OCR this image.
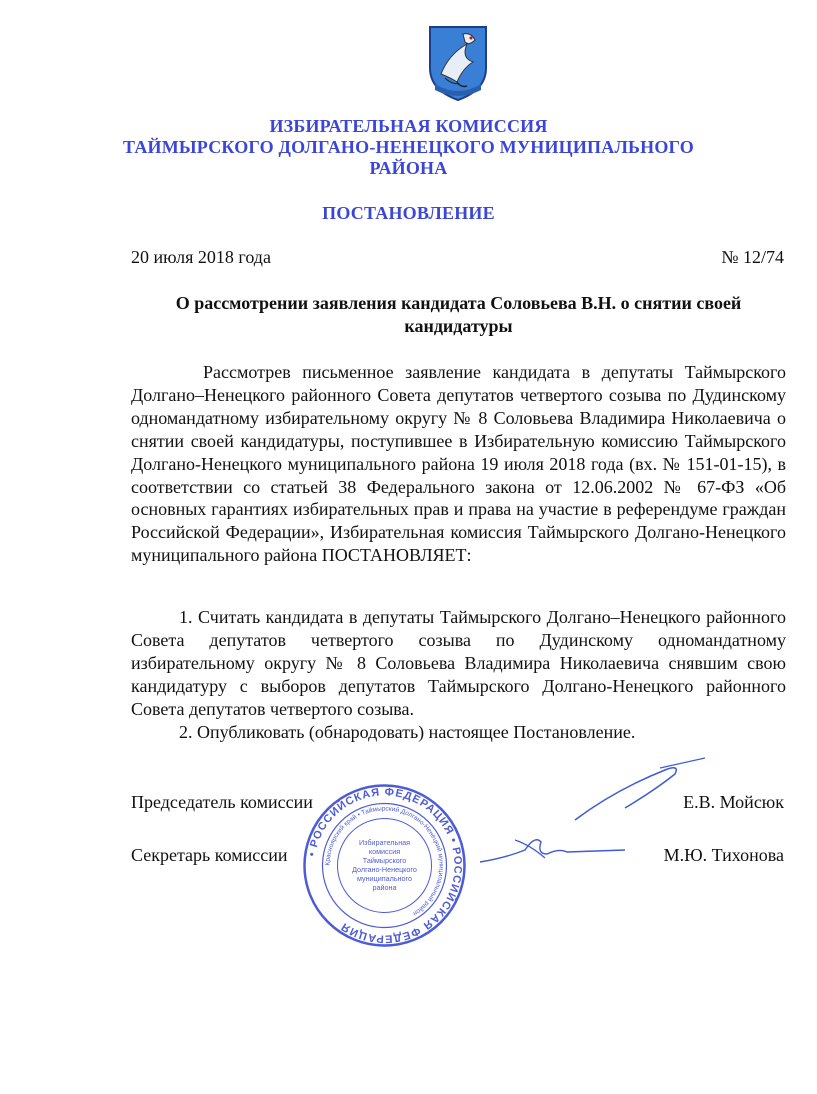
ИЗБИРАТЕЛЬНАЯ КОМИССИЯ
ТАЙМЫРСКОГО ДОЛГАНО-НЕНЕЦКОГО МУНИЦИПАЛЬНОГО
РАЙОНА
ПОСТАНОВЛЕНИЕ
20 июля 2018 года	№ 12/74
О рассмотрении заявления кандидата Соловьева В.Н. о снятии своей кандидатуры
Рассмотрев письменное заявление кандидата в депутаты Таймырского Долгано–Ненецкого районного Совета депутатов четвертого созыва по Дудинскому одномандатному избирательному округу № 8 Соловьева Владимира Николаевича о снятии своей кандидатуры, поступившее в Избирательную комиссию Таймырского Долгано-Ненецкого муниципального района 19 июля 2018 года (вх. № 151-01-15), в соответствии со статьей 38 Федерального закона от 12.06.2002 № 67-ФЗ «Об основных гарантиях избирательных прав и права на участие в референдуме граждан Российской Федерации», Избирательная комиссия Таймырского Долгано-Ненецкого муниципального района ПОСТАНОВЛЯЕТ:

1. Считать кандидата в депутаты Таймырского Долгано–Ненецкого районного Совета депутатов четвертого созыва по Дудинскому одномандатному избирательному округу № 8 Соловьева Владимира Николаевича снявшим свою кандидатуру с выборов депутатов Таймырского Долгано-Ненецкого районного Совета депутатов четвертого созыва.

2. Опубликовать (обнародовать) настоящее Постановление.

Председатель комиссии	Е.В. Мойсюк
Секретарь комиссии	М.Ю. Тихонова
• РОССИЙСКАЯ ФЕДЕРАЦИЯ • РОССИЙСКАЯ ФЕДЕРАЦИЯ
Красноярский край • Таймырский Долгано-Ненецкий муниципальный район
Избирательная
комиссия
Таймырского
Долгано-Ненецкого
муниципального
района
